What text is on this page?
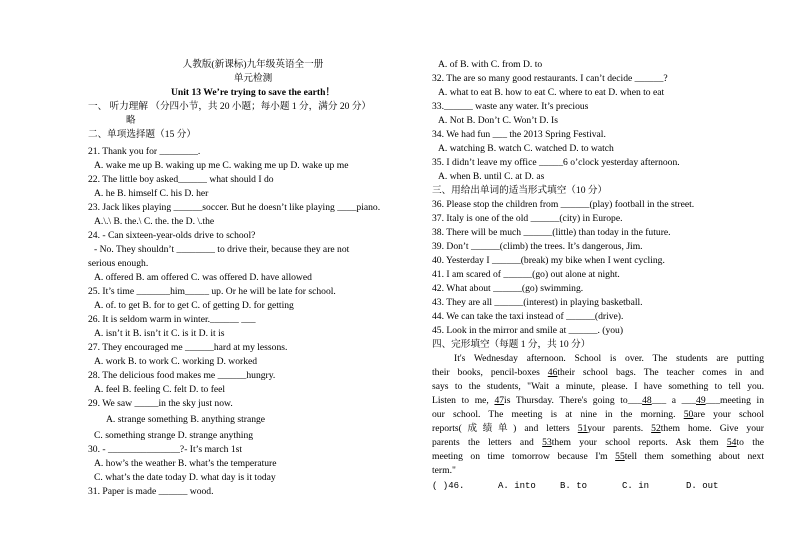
人教版(新课标)九年级英语全一册
单元检测
Unit 13 We’re trying to save the earth！
一、 听力理解 （分四小节，共 20 小题；每小题 1 分，满分 20 分）
略
二、单项选择题（15 分）
21. Thank you for ________.
A. wake me up B. waking up me C. waking me up D. wake up me
22. The little boy asked______ what should I do
A. he B. himself C. his D. her
23. Jack likes playing ______soccer. But he doesn’t like playing ____piano.
A.\.\ B. the.\ C. the. the D. \.the
24. - Can sixteen-year-olds drive to school?
- No. They shouldn’t ________ to drive their, because they are not
serious enough.
A. offered B. am offered C. was offered D. have allowed
25. It’s time _______him_____ up. Or he will be late for school.
A. of. to get B. for to get C. of getting D. for getting
26. It is seldom warm in winter.______ ___
A. isn’t it B. isn’t it C. is it D. it is
27. They encouraged me ______hard at my lessons.
A. work B. to work C. working D. worked
28. The delicious food makes me ______hungry.
A. feel B. feeling C. felt D. to feel
29. We saw _____in the sky just now.
A. strange something B. anything strange
C. something strange D. strange anything
30. - _______________?- It’s march 1st
A. how’s the weather B. what’s the temperature
C. what’s the date today D. what day is it today
31. Paper is made ______ wood.
A. of B. with C. from D. to
32. The are so many good restaurants. I can’t decide ______?
A. what to eat B. how to eat C. where to eat D. when to eat
33.______ waste any water. It’s precious
A. Not B. Don’t C. Won’t D. Is
34. We had fun ___ the 2013 Spring Festival.
A. watching B. watch C. watched D. to watch
35. I didn’t leave my office _____6 o’clock yesterday afternoon.
A. when B. until C. at D. as
三、用给出单词的适当形式填空（10 分）
36. Please stop the children from ______(play) football in the street.
37. Italy is one of the old ______(city) in Europe.
38. There will be much ______(little) than today in the future.
39. Don’t ______(climb) the trees. It’s dangerous, Jim.
40. Yesterday I ______(break) my bike when I went cycling.
41. I am scared of ______(go) out alone at night.
42. What about ______(go) swimming.
43. They are all ______(interest) in playing basketball.
44. We can take the taxi instead of ______(drive).
45. Look in the mirror and smile at ______. (you)
四、完形填空（每题 1 分，共 10 分）
It's Wednesday afternoon. School is over. The students are putting
their books, pencil-boxes 46their school bags. The teacher comes in and
says to the students, "Wait a minute, please. I have something to tell you.
Listen to me, 47is Thursday. There's going to___48___ a ___49___meeting in
our school. The meeting is at nine in the morning. 50are your school
reports(成绩单) and letters 51your parents. 52them home. Give your
parents the letters and 53them your school reports. Ask them 54to the
meeting on time tomorrow because I'm 55tell them something about next
term."
( )46.	A. into	B. to	C. in	D. out
